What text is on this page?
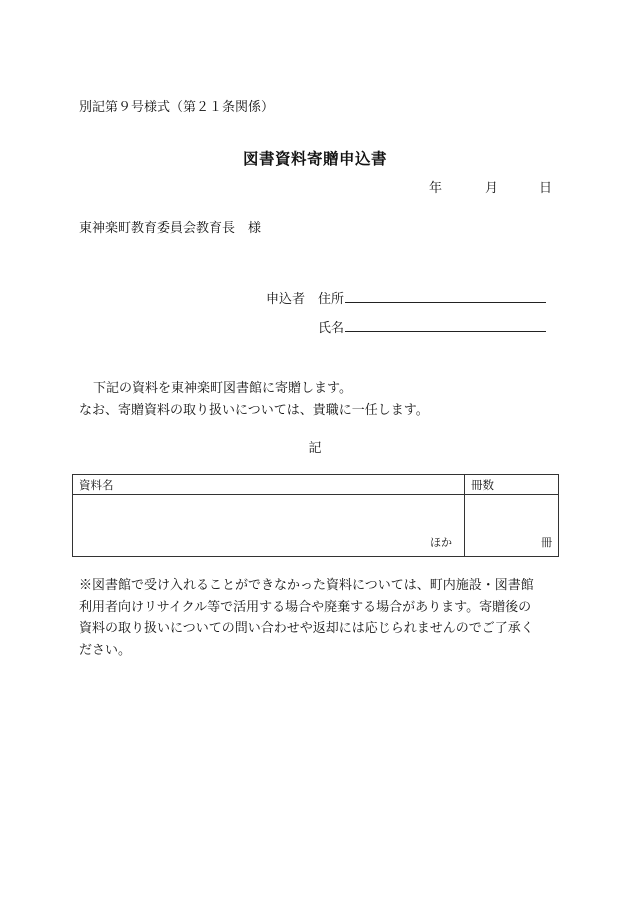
別記第９号様式（第２１条関係）
図書資料寄贈申込書
年	月	日
東神楽町教育委員会教育長　様
申込者 住所
氏名
下記の資料を東神楽町図書館に寄贈します。
なお、寄贈資料の取り扱いについては、貴職に一任します。
記
資料名	冊数

ほか	冊
※図書館で受け入れることができなかった資料については、町内施設・図書館
利用者向けリサイクル等で活用する場合や廃棄する場合があります。寄贈後の
資料の取り扱いについての問い合わせや返却には応じられませんのでご了承く
ださい。
